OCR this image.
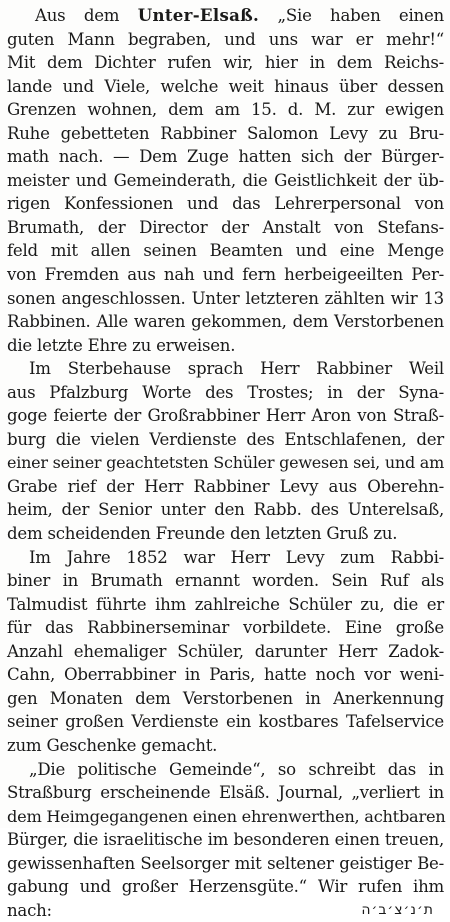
Aus dem Unter-Elsaß. „Sie haben einen
guten Mann begraben, und uns war er mehr!“
Mit dem Dichter rufen wir, hier in dem Reichs-
lande und Viele, welche weit hinaus über dessen
Grenzen wohnen, dem am 15. d. M. zur ewigen
Ruhe gebetteten Rabbiner Salomon Levy zu Bru-
math nach. — Dem Zuge hatten sich der Bürger-
meister und Gemeinderath, die Geistlichkeit der üb-
rigen Konfessionen und das Lehrerpersonal von
Brumath, der Director der Anstalt von Stefans-
feld mit allen seinen Beamten und eine Menge
von Fremden aus nah und fern herbeigeeilten Per-
sonen angeschlossen. Unter letzteren zählten wir 13
Rabbinen. Alle waren gekommen, dem Verstorbenen
die letzte Ehre zu erweisen.
Im Sterbehause sprach Herr Rabbiner Weil
aus Pfalzburg Worte des Trostes; in der Syna-
goge feierte der Großrabbiner Herr Aron von Straß-
burg die vielen Verdienste des Entschlafenen, der
einer seiner geachtetsten Schüler gewesen sei, und am
Grabe rief der Herr Rabbiner Levy aus Oberehn-
heim, der Senior unter den Rabb. des Unterelsaß,
dem scheidenden Freunde den letzten Gruß zu.
Im Jahre 1852 war Herr Levy zum Rabbi-
biner in Brumath ernannt worden. Sein Ruf als
Talmudist führte ihm zahlreiche Schüler zu, die er
für das Rabbinerseminar vorbildete. Eine große
Anzahl ehemaliger Schüler, darunter Herr Zadok-
Cahn, Oberrabbiner in Paris, hatte noch vor weni-
gen Monaten dem Verstorbenen in Anerkennung
seiner großen Verdienste ein kostbares Tafelservice
zum Geschenke gemacht.
„Die politische Gemeinde“, so schreibt das in
Straßburg erscheinende Elsäß. Journal, „verliert in
dem Heimgegangenen einen ehrenwerthen, achtbaren
Bürger, die israelitische im besonderen einen treuen,
gewissenhaften Seelsorger mit seltener geistiger Be-
gabung und großer Herzensgüte.“ Wir rufen ihm
nach:	ת׳נ׳צ׳ב׳ה
